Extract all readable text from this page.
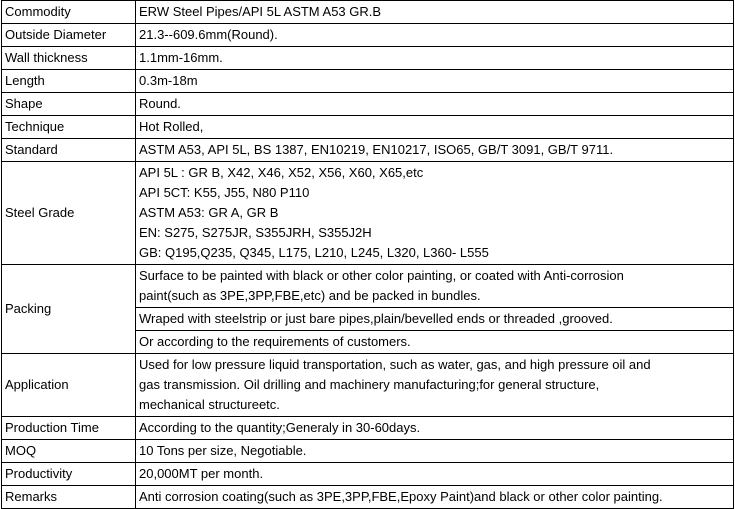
Commodity	ERW Steel Pipes/API 5L ASTM A53 GR.B
Outside Diameter	21.3--609.6mm(Round).
Wall thickness	1.1mm-16mm.
Length	0.3m-18m
Shape	Round.
Technique	Hot Rolled,
Standard	ASTM A53, API 5L, BS 1387, EN10219, EN10217, ISO65, GB/T 3091, GB/T 9711.
Steel Grade	API 5L : GR B, X42, X46, X52, X56, X60, X65,etc
API 5CT: K55, J55, N80 P110
ASTM A53: GR A, GR B
EN: S275, S275JR, S355JRH, S355J2H
GB: Q195,Q235, Q345, L175, L210, L245, L320, L360- L555

Packing	Surface to be painted with black or other color painting, or coated with Anti-corrosion
paint(such as 3PE,3PP,FBE,etc) and be packed in bundles.

	Wraped with steelstrip or just bare pipes,plain/bevelled ends or threaded ,grooved.

	Or according to the requirements of customers.

Application	Used for low pressure liquid transportation, such as water, gas, and high pressure oil and
gas transmission. Oil drilling and machinery manufacturing;for general structure,
mechanical structureetc.

Production Time	According to the quantity;Generaly in 30-60days.
MOQ	10 Tons per size, Negotiable.
Productivity	20,000MT per month.
Remarks	Anti corrosion coating(such as 3PE,3PP,FBE,Epoxy Paint)and black or other color painting.
